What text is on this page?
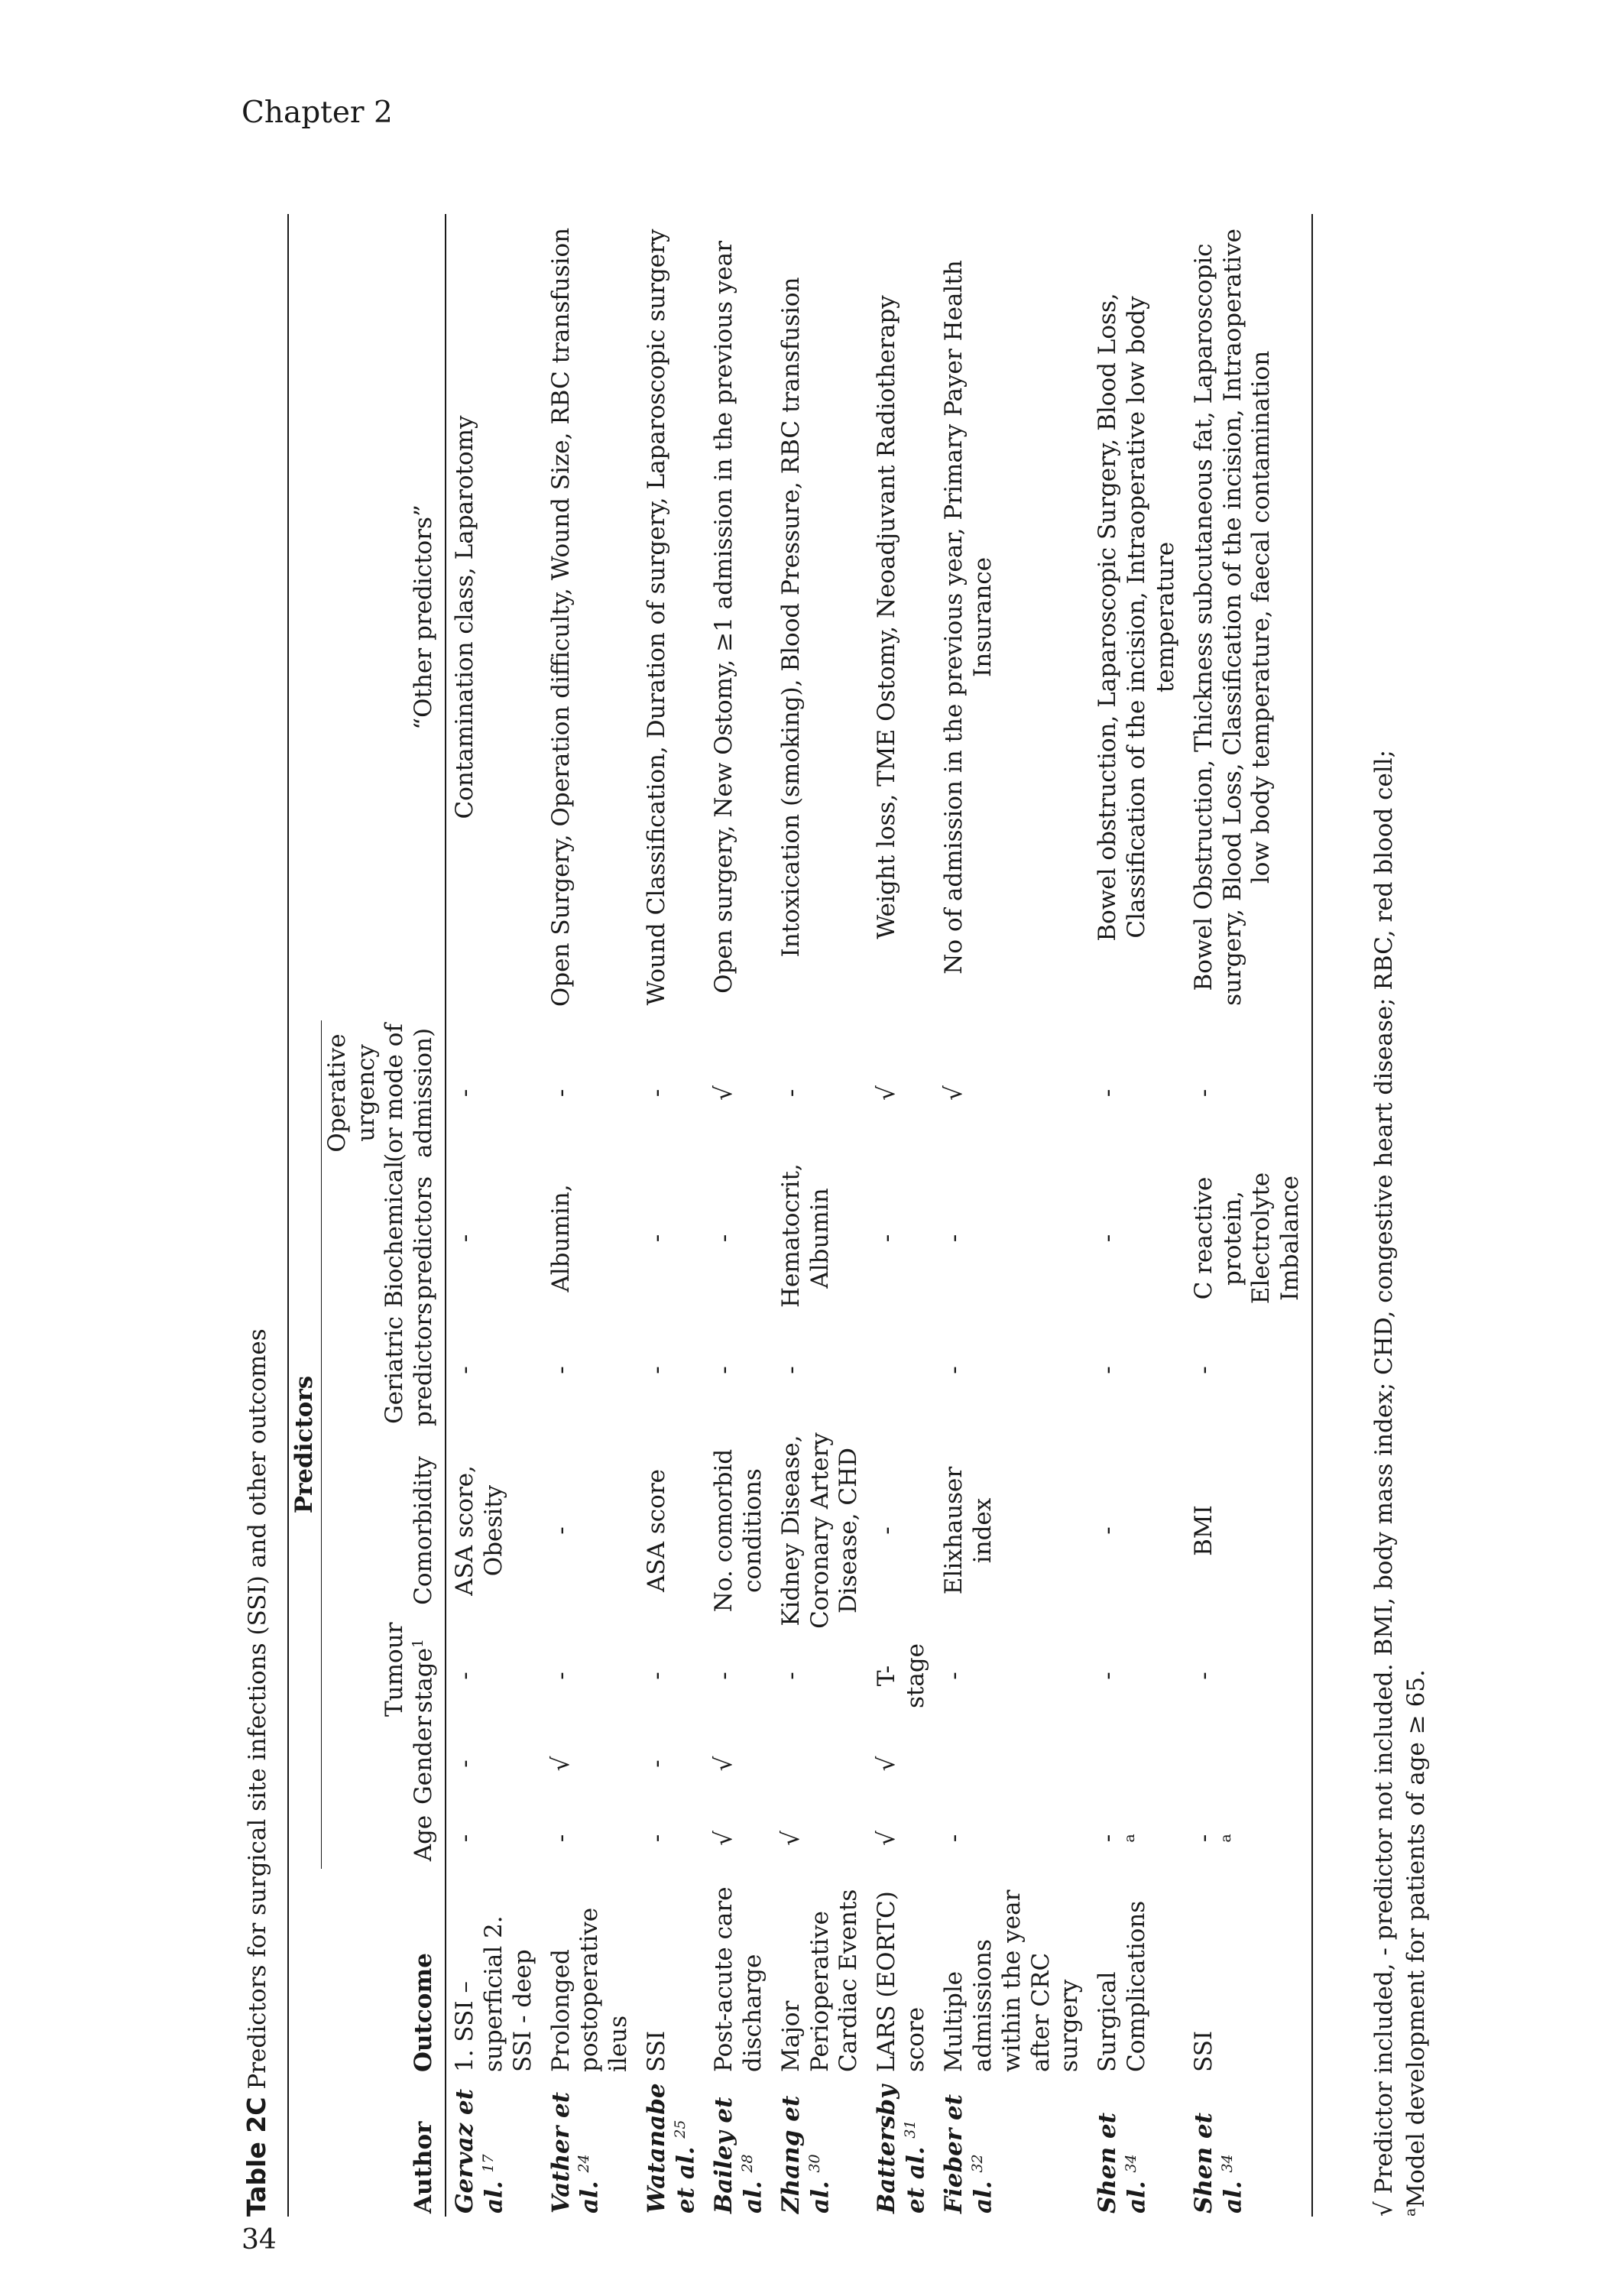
Chapter 2
34
Table 2C Predictors for surgical site infections (SSI) and other outcomes
		Predictors							
Author	Outcome	Age	Gender	Tumour stage$^1$	Comorbidity	Geriatric predictors	Biochemical predictors	Operative urgency (or mode of admission)	“Other predictors”
Gervaz et al. $^{17}$	1. SSI – superficial 2. SSI - deep	-	-	-	ASA score, Obesity	-	-	-	Contamination class, Laparotomy
Vather et al. $^{24}$	Prolonged postoperative ileus	-	√	-	-	-	Albumin,	-	Open Surgery, Operation difficulty, Wound Size, RBC transfusion
Watanabe et al. $^{25}$	SSI	-	-	-	ASA score	-	-	-	Wound Classification, Duration of surgery, Laparoscopic surgery
Bailey et al. $^{28}$	Post-acute care discharge	√	√	-	No. comorbid conditions	-	-	√	Open surgery, New Ostomy, ≥1 admission in the previous year
Zhang et al. $^{30}$	Major Perioperative Cardiac Events	√		-	Kidney Disease, Coronary Artery Disease, CHD	-	Hematocrit, Albumin	-	Intoxication (smoking), Blood Pressure, RBC transfusion
Battersby et al. $^{31}$	LARS (EORTC) score	√	√	T-stage	-		-	√	Weight loss, TME Ostomy, Neoadjuvant Radiotherapy
Fieber et al. $^{32}$	Multiple admissions within the year after CRC surgery	-		-	Elixhauser index	-	-	√	No of admission in the previous year, Primary Payer Health Insurance
Shen et al. $^{34}$	Surgical Complications	- a		-	-	-	-	-	Bowel obstruction, Laparoscopic Surgery, Blood Loss, Classification of the incision, Intraoperative low body temperature
Shen et al. $^{34}$	SSI	- a		-	BMI	-	C reactive protein, Electrolyte Imbalance	-	Bowel Obstruction, Thickness subcutaneous fat, Laparoscopic surgery, Blood Loss, Classification of the incision, Intraoperative low body temperature, faecal contamination
√ Predictor included, - predictor not included. BMI, body mass index; CHD, congestive heart disease; RBC, red blood cell; $^a$Model development for patients of age ≥ 65.
